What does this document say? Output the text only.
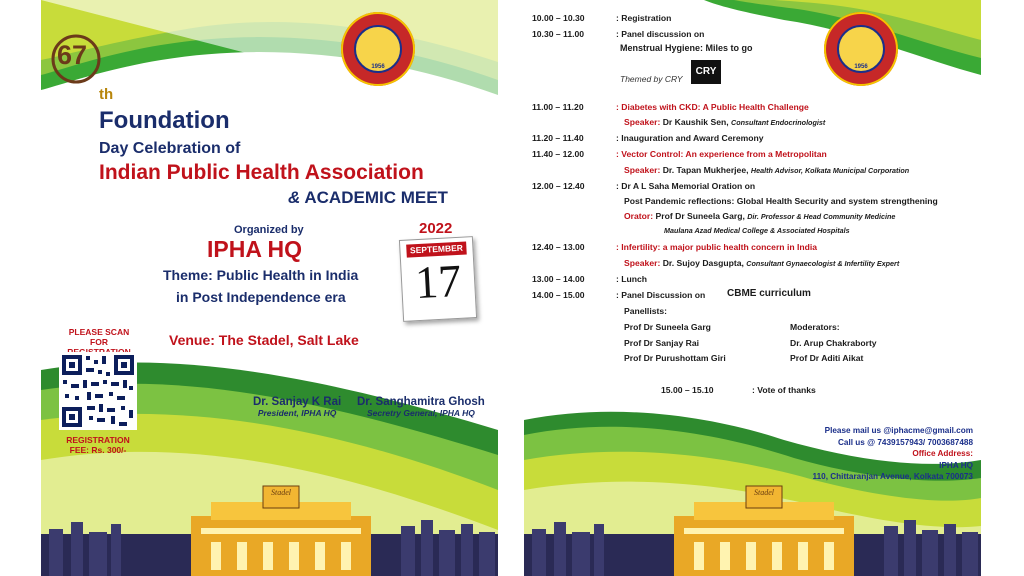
1956
67
th
Foundation
Day Celebration of
Indian Public Health Association
& ACADEMIC MEET
Organized by
IPHA HQ
Theme: Public Health in India
in Post Independence era
Venue: The Stadel, Salt Lake
2022
SEPTEMBER
17
PLEASE SCAN FOR
REGISTRATION
FEE: Rs. 300/-
Dr. Sanjay K Rai
President, IPHA HQ
Dr. Sanghamitra Ghosh
Secretry General, IPHA HQ
Stadel
1956
10.00 – 10.30	: Registration
10.30 – 11.00	: Panel discussion on
Menstrual Hygiene: Miles to go
Themed by CRY
CRY
11.00 – 11.20	: Diabetes with CKD: A Public Health Challenge
Speaker: Dr Kaushik Sen, Consultant Endocrinologist
11.20 – 11.40	: Inauguration and Award Ceremony
11.40 – 12.00	: Vector Control: An experience from a Metropolitan
Speaker: Dr. Tapan Mukherjee, Health Advisor, Kolkata Municipal Corporation
12.00 – 12.40	: Dr A L Saha Memorial Oration on
Post Pandemic reflections: Global Health Security and system strengthening
Orator: Prof Dr Suneela Garg, Dir. Professor & Head Community Medicine
Maulana Azad Medical College & Associated Hospitals
12.40 – 13.00	: Infertility: a major public health concern in India
Speaker: Dr. Sujoy Dasgupta, Consultant Gynaecologist & Infertility Expert
13.00 – 14.00	: Lunch
14.00 – 15.00	: Panel Discussion on CBME curriculum
Panellists:
Prof Dr Suneela Garg
Prof Dr Sanjay Rai
Prof Dr Purushottam Giri
Moderators:
Dr. Arup Chakraborty
Prof Dr Aditi Aikat
15.00 – 15.10	: Vote of thanks
Please mail us @iphacme@gmail.com
Call us @ 7439157943/ 7003687488
Office Address:
IPHA HQ
110, Chittaranjan Avenue, Kolkata 700073
Stadel
